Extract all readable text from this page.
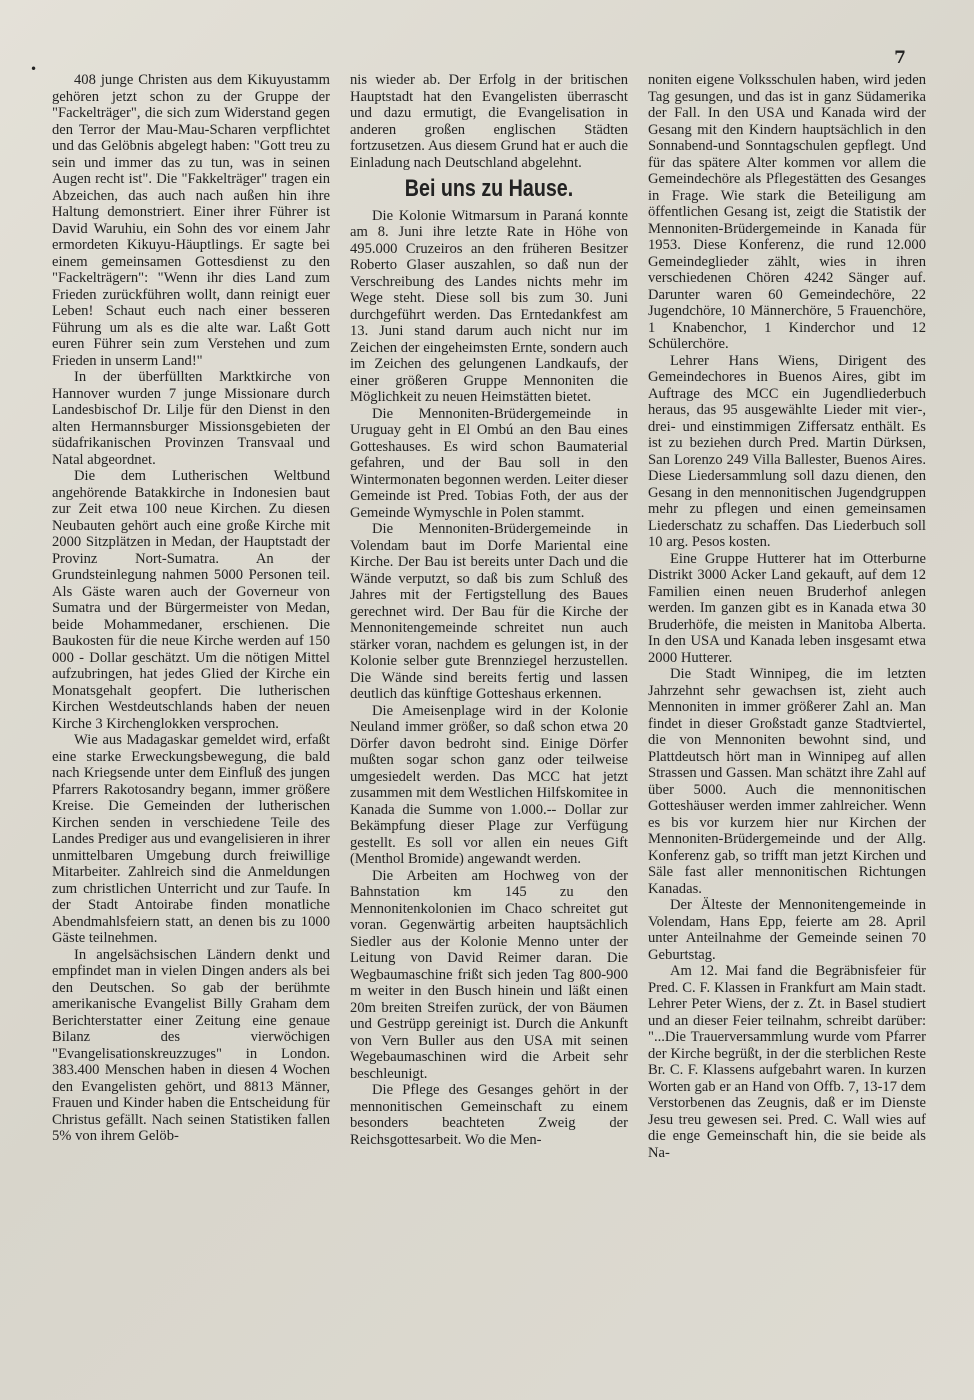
•
7

408 junge Christen aus dem Kikuyustamm gehören jetzt schon zu der Gruppe der "Fackelträger", die sich zum Widerstand gegen den Terror der Mau-Mau-Scharen verpflichtet und das Gelöbnis abgelegt haben: "Gott treu zu sein und immer das zu tun, was in seinen Augen recht ist". Die "Fakkelträger" tragen ein Abzeichen, das auch nach außen hin ihre Haltung demonstriert. Einer ihrer Führer ist David Waruhiu, ein Sohn des vor einem Jahr ermordeten Kikuyu-Häuptlings. Er sagte bei einem gemeinsamen Gottesdienst zu den "Fackelträgern": "Wenn ihr dies Land zum Frieden zurückführen wollt, dann reinigt euer Leben! Schaut euch nach einer besseren Führung um als es die alte war. Laßt Gott euren Führer sein zum Verstehen und zum Frieden in unserm Land!"

In der überfüllten Marktkirche von Hannover wurden 7 junge Missionare durch Landesbischof Dr. Lilje für den Dienst in den alten Hermannsburger Missionsgebieten der südafrikanischen Provinzen Transvaal und Natal abgeordnet.

Die dem Lutherischen Weltbund angehörende Batakkirche in Indonesien baut zur Zeit etwa 100 neue Kirchen. Zu diesen Neubauten gehört auch eine große Kirche mit 2000 Sitzplätzen in Medan, der Hauptstadt der Provinz Nort-Sumatra. An der Grundsteinlegung nahmen 5000 Personen teil. Als Gäste waren auch der Governeur von Sumatra und der Bürgermeister von Medan, beide Mohammedaner, erschienen. Die Baukosten für die neue Kirche werden auf 150 000 - Dollar geschätzt. Um die nötigen Mittel aufzubringen, hat jedes Glied der Kirche ein Monatsgehalt geopfert. Die lutherischen Kirchen Westdeutschlands haben der neuen Kirche 3 Kirchenglokken versprochen.

Wie aus Madagaskar gemeldet wird, erfaßt eine starke Erweckungsbewegung, die bald nach Kriegsende unter dem Einfluß des jungen Pfarrers Rakotosandry begann, immer größere Kreise. Die Gemeinden der lutherischen Kirchen senden in verschiedene Teile des Landes Prediger aus und evangelisieren in ihrer unmittelbaren Umgebung durch freiwillige Mitarbeiter. Zahlreich sind die Anmeldungen zum christlichen Unterricht und zur Taufe. In der Stadt Antoirabe finden monatliche Abendmahlsfeiern statt, an denen bis zu 1000 Gäste teilnehmen.

In angelsächsischen Ländern denkt und empfindet man in vielen Dingen anders als bei den Deutschen. So gab der berühmte amerikanische Evangelist Billy Graham dem Berichterstatter einer Zeitung eine genaue Bilanz des vierwöchigen "Evangelisationskreuzzuges" in London. 383.400 Menschen haben in diesen 4 Wochen den Evangelisten gehört, und 8813 Männer, Frauen und Kinder haben die Entscheidung für Christus gefällt. Nach seinen Statistiken fallen 5% von ihrem Gelöb-

nis wieder ab. Der Erfolg in der britischen Hauptstadt hat den Evangelisten überrascht und dazu ermutigt, die Evangelisation in anderen großen englischen Städten fortzusetzen. Aus diesem Grund hat er auch die Einladung nach Deutschland abgelehnt.

Bei uns zu Hause.

Die Kolonie Witmarsum in Paraná konnte am 8. Juni ihre letzte Rate in Höhe von 495.000 Cruzeiros an den früheren Besitzer Roberto Glaser auszahlen, so daß nun der Verschreibung des Landes nichts mehr im Wege steht. Diese soll bis zum 30. Juni durchgeführt werden. Das Erntedankfest am 13. Juni stand darum auch nicht nur im Zeichen der eingeheimsten Ernte, sondern auch im Zeichen des gelungenen Landkaufs, der einer größeren Gruppe Mennoniten die Möglichkeit zu neuen Heimstätten bietet.

Die Mennoniten-Brüdergemeinde in Uruguay geht in El Ombú an den Bau eines Gotteshauses. Es wird schon Baumaterial gefahren, und der Bau soll in den Wintermonaten begonnen werden. Leiter dieser Gemeinde ist Pred. Tobias Foth, der aus der Gemeinde Wymyschle in Polen stammt.

Die Mennoniten-Brüdergemeinde in Volendam baut im Dorfe Mariental eine Kirche. Der Bau ist bereits unter Dach und die Wände verputzt, so daß bis zum Schluß des Jahres mit der Fertigstellung des Baues gerechnet wird. Der Bau für die Kirche der Mennonitengemeinde schreitet nun auch stärker voran, nachdem es gelungen ist, in der Kolonie selber gute Brennziegel herzustellen. Die Wände sind bereits fertig und lassen deutlich das künftige Gotteshaus erkennen.

Die Ameisenplage wird in der Kolonie Neuland immer größer, so daß schon etwa 20 Dörfer davon bedroht sind. Einige Dörfer mußten sogar schon ganz oder teilweise umgesiedelt werden. Das MCC hat jetzt zusammen mit dem Westlichen Hilfskomitee in Kanada die Summe von 1.000.-- Dollar zur Bekämpfung dieser Plage zur Verfügung gestellt. Es soll vor allen ein neues Gift (Menthol Bromide) angewandt werden.

Die Arbeiten am Hochweg von der Bahnstation km 145 zu den Mennonitenkolonien im Chaco schreitet gut voran. Gegenwärtig arbeiten hauptsächlich Siedler aus der Kolonie Menno unter der Leitung von David Reimer daran. Die Wegbaumaschine frißt sich jeden Tag 800-900 m weiter in den Busch hinein und läßt einen 20m breiten Streifen zurück, der von Bäumen und Gestrüpp gereinigt ist. Durch die Ankunft von Vern Buller aus den USA mit seinen Wegebaumaschinen wird die Arbeit sehr beschleunigt.

Die Pflege des Gesanges gehört in der mennonitischen Gemeinschaft zu einem besonders beachteten Zweig der Reichsgottesarbeit. Wo die Men-

noniten eigene Volksschulen haben, wird jeden Tag gesungen, und das ist in ganz Südamerika der Fall. In den USA und Kanada wird der Gesang mit den Kindern hauptsächlich in den Sonnabend-und Sonntagschulen gepflegt. Und für das spätere Alter kommen vor allem die Gemeindechöre als Pflegestätten des Gesanges in Frage. Wie stark die Beteiligung am öffentlichen Gesang ist, zeigt die Statistik der Mennoniten-Brüdergemeinde in Kanada für 1953. Diese Konferenz, die rund 12.000 Gemeindeglieder zählt, wies in ihren verschiedenen Chören 4242 Sänger auf. Darunter waren 60 Gemeindechöre, 22 Jugendchöre, 10 Männerchöre, 5 Frauenchöre, 1 Knabenchor, 1 Kinderchor und 12 Schülerchöre.

Lehrer Hans Wiens, Dirigent des Gemeindechores in Buenos Aires, gibt im Auftrage des MCC ein Jugendliederbuch heraus, das 95 ausgewählte Lieder mit vier-, drei- und einstimmigen Ziffersatz enthält. Es ist zu beziehen durch Pred. Martin Dürksen, San Lorenzo 249 Villa Ballester, Buenos Aires. Diese Liedersammlung soll dazu dienen, den Gesang in den mennonitischen Jugendgruppen mehr zu pflegen und einen gemeinsamen Liederschatz zu schaffen. Das Liederbuch soll 10 arg. Pesos kosten.

Eine Gruppe Hutterer hat im Otterburne Distrikt 3000 Acker Land gekauft, auf dem 12 Familien einen neuen Bruderhof anlegen werden. Im ganzen gibt es in Kanada etwa 30 Bruderhöfe, die meisten in Manitoba Alberta. In den USA und Kanada leben insgesamt etwa 2000 Hutterer.

Die Stadt Winnipeg, die im letzten Jahrzehnt sehr gewachsen ist, zieht auch Mennoniten in immer größerer Zahl an. Man findet in dieser Großstadt ganze Stadtviertel, die von Mennoniten bewohnt sind, und Plattdeutsch hört man in Winnipeg auf allen Strassen und Gassen. Man schätzt ihre Zahl auf über 5000. Auch die mennonitischen Gotteshäuser werden immer zahlreicher. Wenn es bis vor kurzem hier nur Kirchen der Mennoniten-Brüdergemeinde und der Allg. Konferenz gab, so trifft man jetzt Kirchen und Säle fast aller mennonitischen Richtungen Kanadas.

Der Älteste der Mennonitengemeinde in Volendam, Hans Epp, feierte am 28. April unter Anteilnahme der Gemeinde seinen 70 Geburtstag.

Am 12. Mai fand die Begräbnisfeier für Pred. C. F. Klassen in Frankfurt am Main stadt. Lehrer Peter Wiens, der z. Zt. in Basel studiert und an dieser Feier teilnahm, schreibt darüber: "...Die Trauerversammlung wurde vom Pfarrer der Kirche begrüßt, in der die sterblichen Reste Br. C. F. Klassens aufgebahrt waren. In kurzen Worten gab er an Hand von Offb. 7, 13-17 dem Verstorbenen das Zeugnis, daß er im Dienste Jesu treu gewesen sei. Pred. C. Wall wies auf die enge Gemeinschaft hin, die sie beide als Na-
